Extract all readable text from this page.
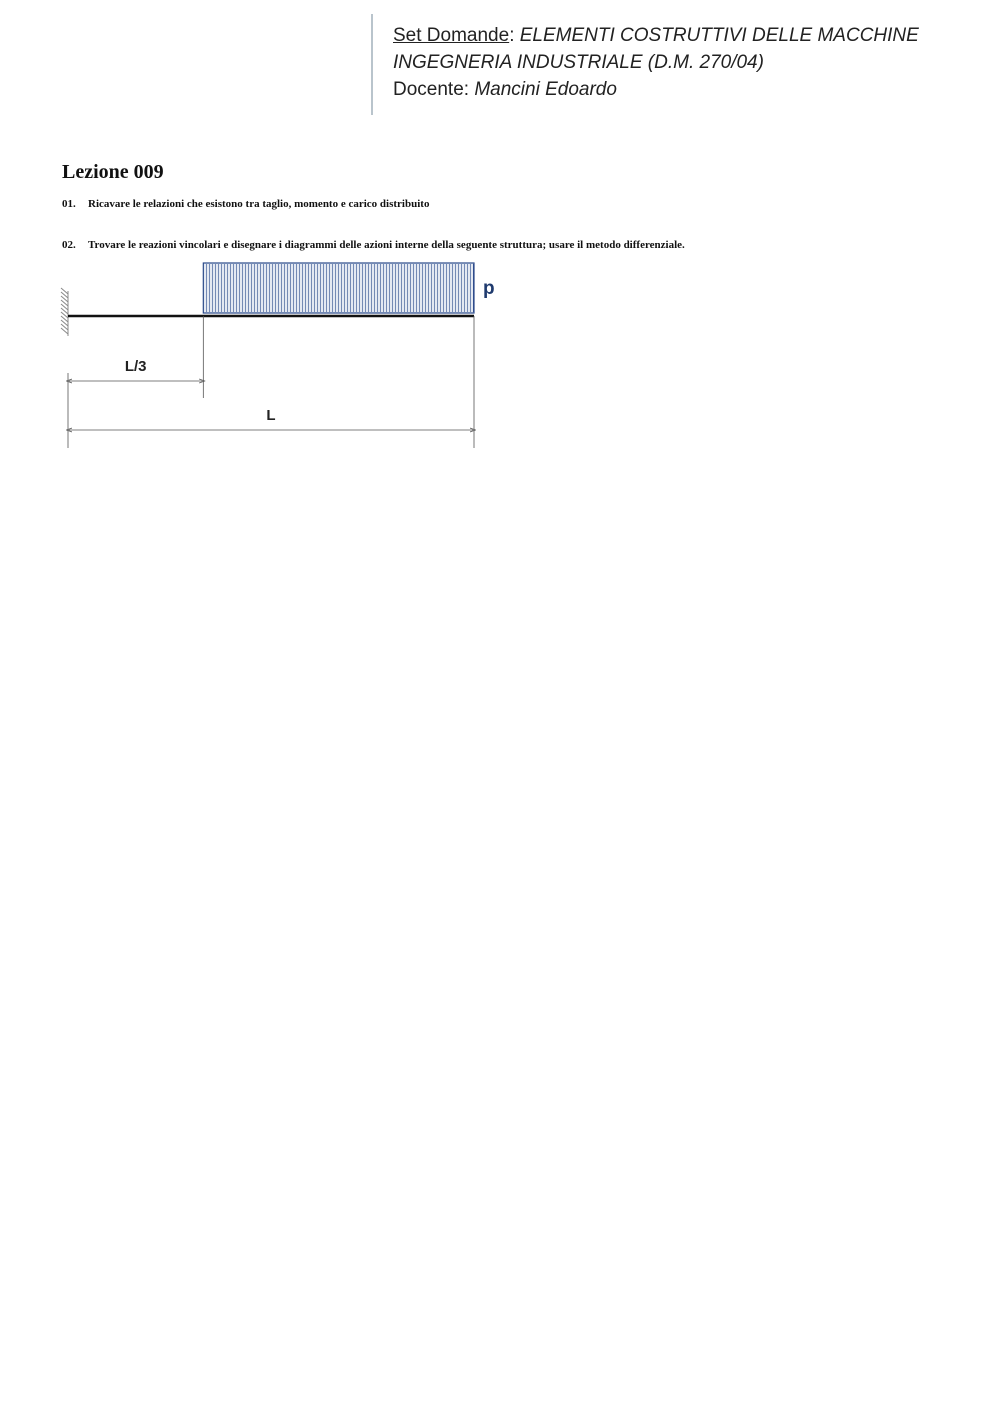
Set Domande: ELEMENTI COSTRUTTIVI DELLE MACCHINE
INGEGNERIA INDUSTRIALE (D.M. 270/04)
Docente: Mancini Edoardo
Lezione 009
01. Ricavare le relazioni che esistono tra taglio, momento e carico distribuito
02. Trovare le reazioni vincolari e disegnare i diagrammi delle azioni interne della seguente struttura; usare il metodo differenziale.
p
L/3
L
